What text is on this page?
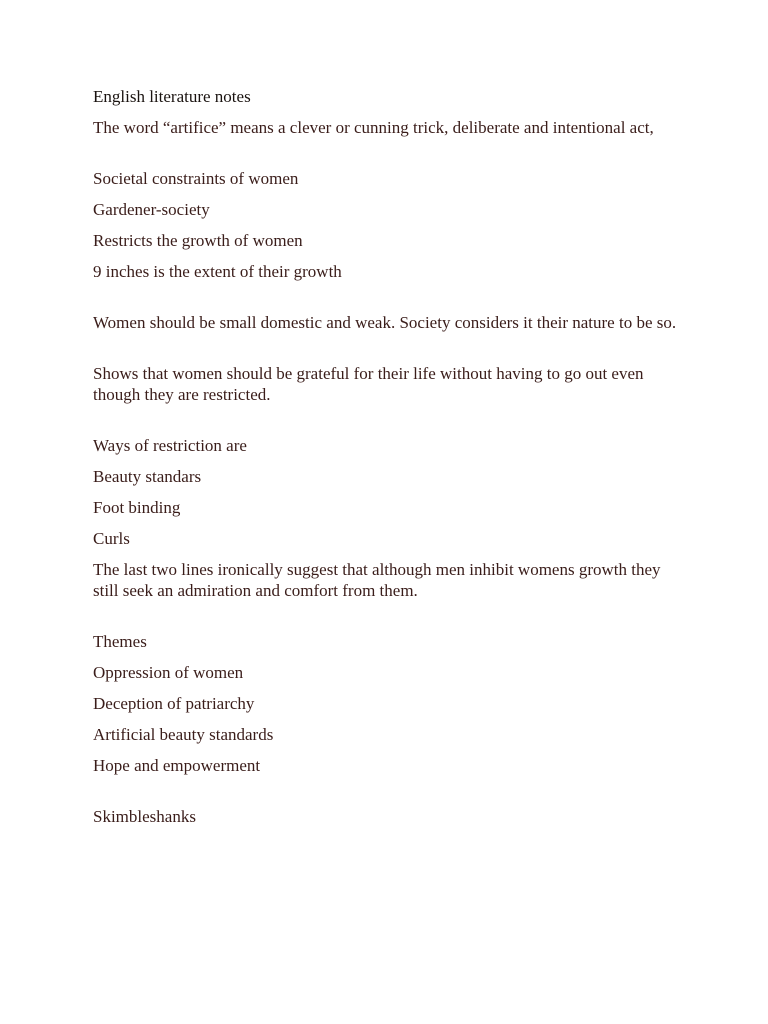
English literature notes
The word “artifice” means a clever or cunning trick, deliberate and intentional act,
Societal constraints of women
Gardener-society
Restricts the growth of women
9 inches is the extent of their growth
Women should be small domestic and weak. Society considers it their nature to be so.
Shows that women should be grateful for their life without having to go out even though they are restricted.
Ways of restriction are
Beauty standars
Foot binding
Curls
The last two lines ironically suggest that although men inhibit womens growth they still seek an admiration and comfort from them.
Themes
Oppression of women
Deception of patriarchy
Artificial beauty standards
Hope and empowerment
Skimbleshanks
